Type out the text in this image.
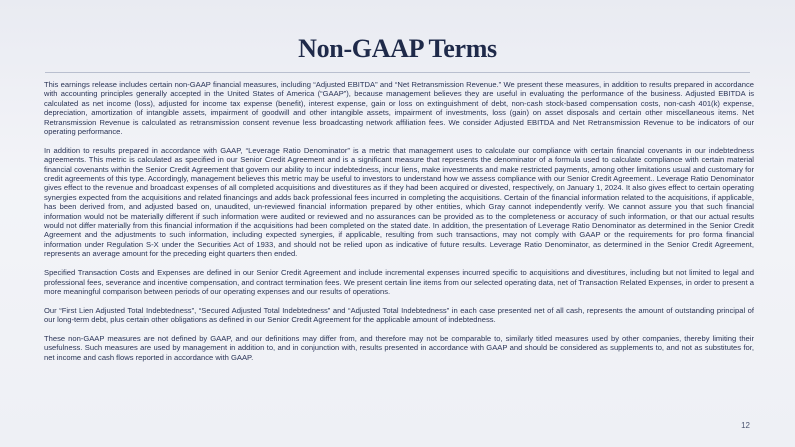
Non-GAAP Terms

This earnings release includes certain non-GAAP financial measures, including “Adjusted EBITDA” and “Net Retransmission Revenue.” We present these measures, in addition to results prepared in accordance with accounting principles generally accepted in the United States of America (“GAAP”), because management believes they are useful in evaluating the performance of the business. Adjusted EBITDA is calculated as net income (loss), adjusted for income tax expense (benefit), interest expense, gain or loss on extinguishment of debt, non-cash stock-based compensation costs, non-cash 401(k) expense, depreciation, amortization of intangible assets, impairment of goodwill and other intangible assets, impairment of investments, loss (gain) on asset disposals and certain other miscellaneous items. Net Retransmission Revenue is calculated as retransmission consent revenue less broadcasting network affiliation fees. We consider Adjusted EBITDA and Net Retransmission Revenue to be indicators of our operating performance.

In addition to results prepared in accordance with GAAP, “Leverage Ratio Denominator” is a metric that management uses to calculate our compliance with certain financial covenants in our indebtedness agreements. This metric is calculated as specified in our Senior Credit Agreement and is a significant measure that represents the denominator of a formula used to calculate compliance with certain material financial covenants within the Senior Credit Agreement that govern our ability to incur indebtedness, incur liens, make investments and make restricted payments, among other limitations usual and customary for credit agreements of this type. Accordingly, management believes this metric may be useful to investors to understand how we assess compliance with our Senior Credit Agreement.. Leverage Ratio Denominator gives effect to the revenue and broadcast expenses of all completed acquisitions and divestitures as if they had been acquired or divested, respectively, on January 1, 2024. It also gives effect to certain operating synergies expected from the acquisitions and related financings and adds back professional fees incurred in completing the acquisitions. Certain of the financial information related to the acquisitions, if applicable, has been derived from, and adjusted based on, unaudited, un-reviewed financial information prepared by other entities, which Gray cannot independently verify. We cannot assure you that such financial information would not be materially different if such information were audited or reviewed and no assurances can be provided as to the completeness or accuracy of such information, or that our actual results would not differ materially from this financial information if the acquisitions had been completed on the stated date. In addition, the presentation of Leverage Ratio Denominator as determined in the Senior Credit Agreement and the adjustments to such information, including expected synergies, if applicable, resulting from such transactions, may not comply with GAAP or the requirements for pro forma financial information under Regulation S-X under the Securities Act of 1933, and should not be relied upon as indicative of future results. Leverage Ratio Denominator, as determined in the Senior Credit Agreement, represents an average amount for the preceding eight quarters then ended.

Specified Transaction Costs and Expenses are defined in our Senior Credit Agreement and include incremental expenses incurred specific to acquisitions and divestitures, including but not limited to legal and professional fees, severance and incentive compensation, and contract termination fees. We present certain line items from our selected operating data, net of Transaction Related Expenses, in order to present a more meaningful comparison between periods of our operating expenses and our results of operations.

Our “First Lien Adjusted Total Indebtedness”, “Secured Adjusted Total Indebtedness” and “Adjusted Total Indebtedness” in each case presented net of all cash, represents the amount of outstanding principal of our long-term debt, plus certain other obligations as defined in our Senior Credit Agreement for the applicable amount of indebtedness.

These non-GAAP measures are not defined by GAAP, and our definitions may differ from, and therefore may not be comparable to, similarly titled measures used by other companies, thereby limiting their usefulness. Such measures are used by management in addition to, and in conjunction with, results presented in accordance with GAAP and should be considered as supplements to, and not as substitutes for, net income and cash flows reported in accordance with GAAP.

12
